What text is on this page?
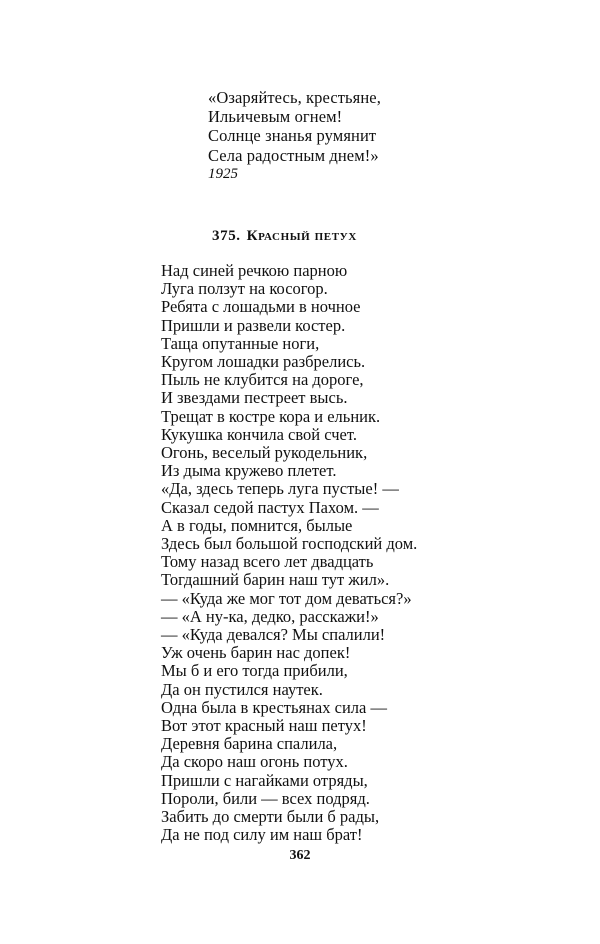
«Озаряйтесь, крестьяне,
Ильичевым огнем!
Солнце знанья румянит
Села радостным днем!»
1925
375. Красный петух
Над синей речкою парною
Луга ползут на косогор.
Ребята с лошадьми в ночное
Пришли и развели костер.
Таща опутанные ноги,
Кругом лошадки разбрелись.
Пыль не клубится на дороге,
И звездами пестреет высь.
Трещат в костре кора и ельник.
Кукушка кончила свой счет.
Огонь, веселый рукодельник,
Из дыма кружево плетет.
«Да, здесь теперь луга пустые! —
Сказал седой пастух Пахом. —
А в годы, помнится, былые
Здесь был большой господский дом.
Тому назад всего лет двадцать
Тогдашний барин наш тут жил».
— «Куда же мог тот дом деваться?»
— «А ну-ка, дедко, расскажи!»
— «Куда девался? Мы спалили!
Уж очень барин нас допек!
Мы б и его тогда прибили,
Да он пустился наутек.
Одна была в крестьянах сила —
Вот этот красный наш петух!
Деревня барина спалила,
Да скоро наш огонь потух.
Пришли с нагайками отряды,
Пороли, били — всех подряд.
Забить до смерти были б рады,
Да не под силу им наш брат!
362
